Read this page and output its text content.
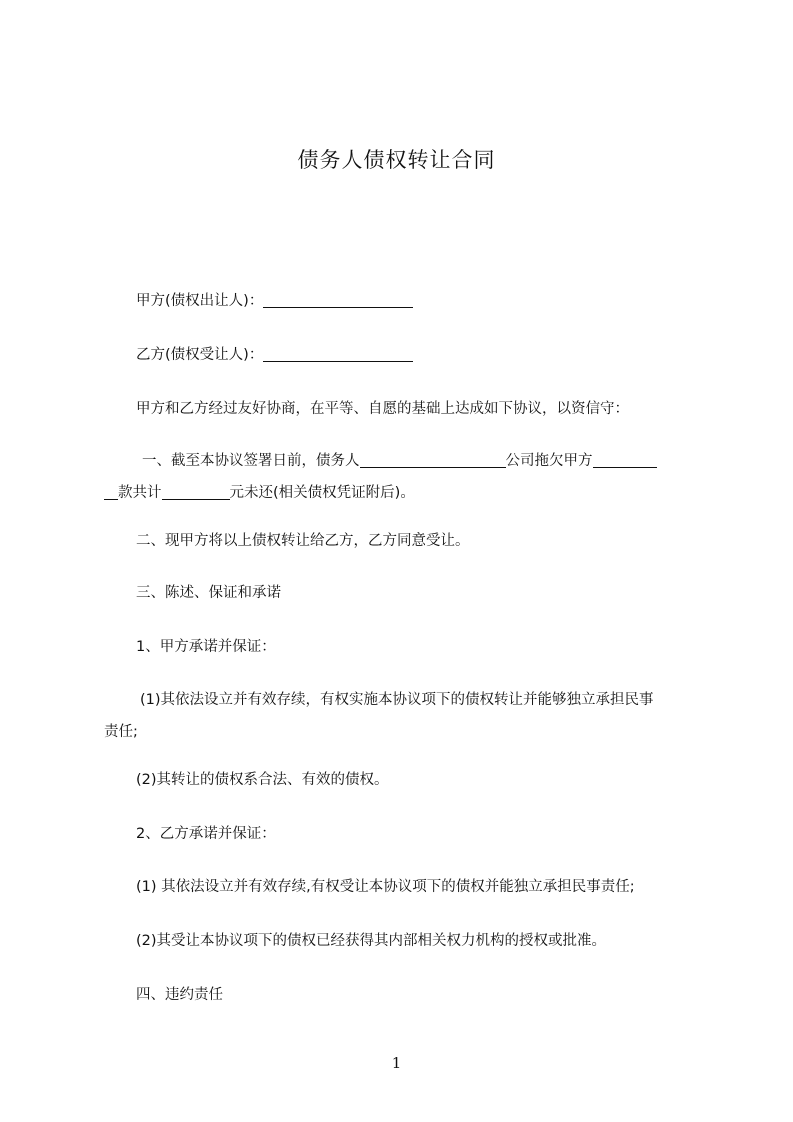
债务人债权转让合同
甲方(债权出让人)：
乙方(债权受让人)：
甲方和乙方经过友好协商，在平等、自愿的基础上达成如下协议，以资信守：
一、截至本协议签署日前，债务人	公司拖欠甲方
款共计	元未还(相关债权凭证附后)。
二、现甲方将以上债权转让给乙方，乙方同意受让。
三、陈述、保证和承诺
1、甲方承诺并保证：
(1)其依法设立并有效存续，有权实施本协议项下的债权转让并能够独立承担民事
责任;
(2)其转让的债权系合法、有效的债权。
2、乙方承诺并保证：
(1) 其依法设立并有效存续,有权受让本协议项下的债权并能独立承担民事责任;
(2)其受让本协议项下的债权已经获得其内部相关权力机构的授权或批准。
四、违约责任
1
